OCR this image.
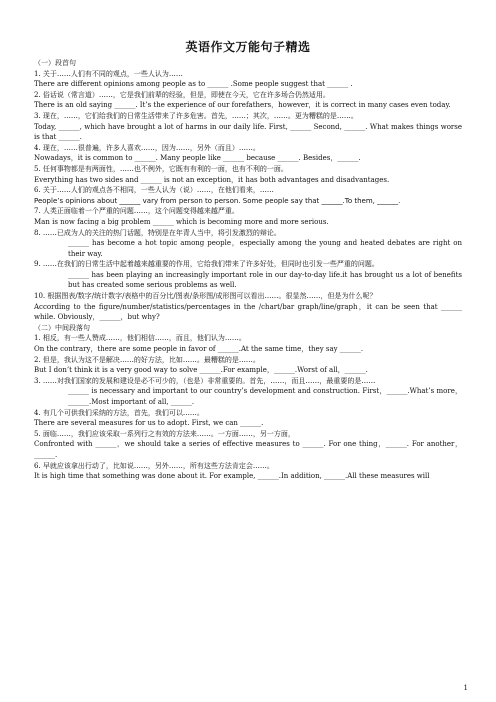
英语作文万能句子精选
（一）段首句
1. 关于……人们有不同的观点，一些人认为……
There are different opinions among people as to ______ .Some people suggest that ______ .
2. 俗话说（常言道）……，它是我们前辈的经验，但是，即使在今天，它在许多场合仍然适用。
There is an old saying ______. It’s the experience of our forefathers，however，it is correct in many cases even today.
3. 现在，……，它们给我们的日常生活带来了许多危害。首先，……；其次，……。更为糟糕的是……。
Today, ______, which have brought a lot of harms in our daily life. First, ______ Second, ______. What makes things worse is that ______.
4. 现在，……很普遍，许多人喜欢……，因为……，另外（而且）……。
Nowadays，it is common to ______. Many people like ______ because ______. Besides，______.
5. 任何事物都是有两面性，……也不例外，它既有有利的一面，也有不利的一面。
Everything has two sides and ______ is not an exception，it has both advantages and disadvantages.
6. 关于……人们的观点各不相同，一些人认为（说）……，在他们看来，……
People’s opinions about ______ vary from person to person. Some people say that ______.To them, ______.
7. 人类正面临着一个严重的问题……，这个问题变得越来越严重。
Man is now facing a big problem ______ which is becoming more and more serious.
8. ……已成为人的关注的热门话题，特别是在年青人当中，将引发激烈的辩论。
______ has become a hot topic among people，especially among the young and heated debates are right on their way.
9. ……在我们的日常生活中起着越来越重要的作用，它给我们带来了许多好处，但同时也引发一些严重的问题。
______ has been playing an increasingly important role in our day-to-day life.it has brought us a lot of benefits but has created some serious problems as well.
10. 根据图表/数字/统计数字/表格中的百分比/图表/条形图/成形图可以看出……。很显然……，但是为什么呢？
According to the figure/number/statistics/percentages in the /chart/bar graph/line/graph，it can be seen that ______ while. Obviously，______，but why?
（二）中间段落句
1. 相反，有一些人赞成……，他们相信……，而且，他们认为……。
On the contrary，there are some people in favor of ______.At the same time，they say ______.
2. 但是，我认为这不是解决……的好方法，比如……。最糟糕的是……。
But I don’t think it is a very good way to solve ______.For example，______.Worst of all，______.
3. ……对我们国家的发展和建设是必不可少的，（也是）非常重要的。首先，……，而且……，最重要的是……
______ is necessary and important to our country’s development and construction. First，______.What’s more，______.Most important of all, ______.
4. 有几个可供我们采纳的方法，首先，我们可以……。
There are several measures for us to adopt. First, we can ______.
5. 面临……，我们应该采取一系列行之有效的方法来……。一方面……，另一方面，
Confronted with ______，we should take a series of effective measures to ______. For one thing，______. For another，______.
6. 早就应该拿出行动了，比如说……，另外……，所有这些方法肯定会……。
It is high time that something was done about it. For example, ______.In addition, ______.All these measures will
1
